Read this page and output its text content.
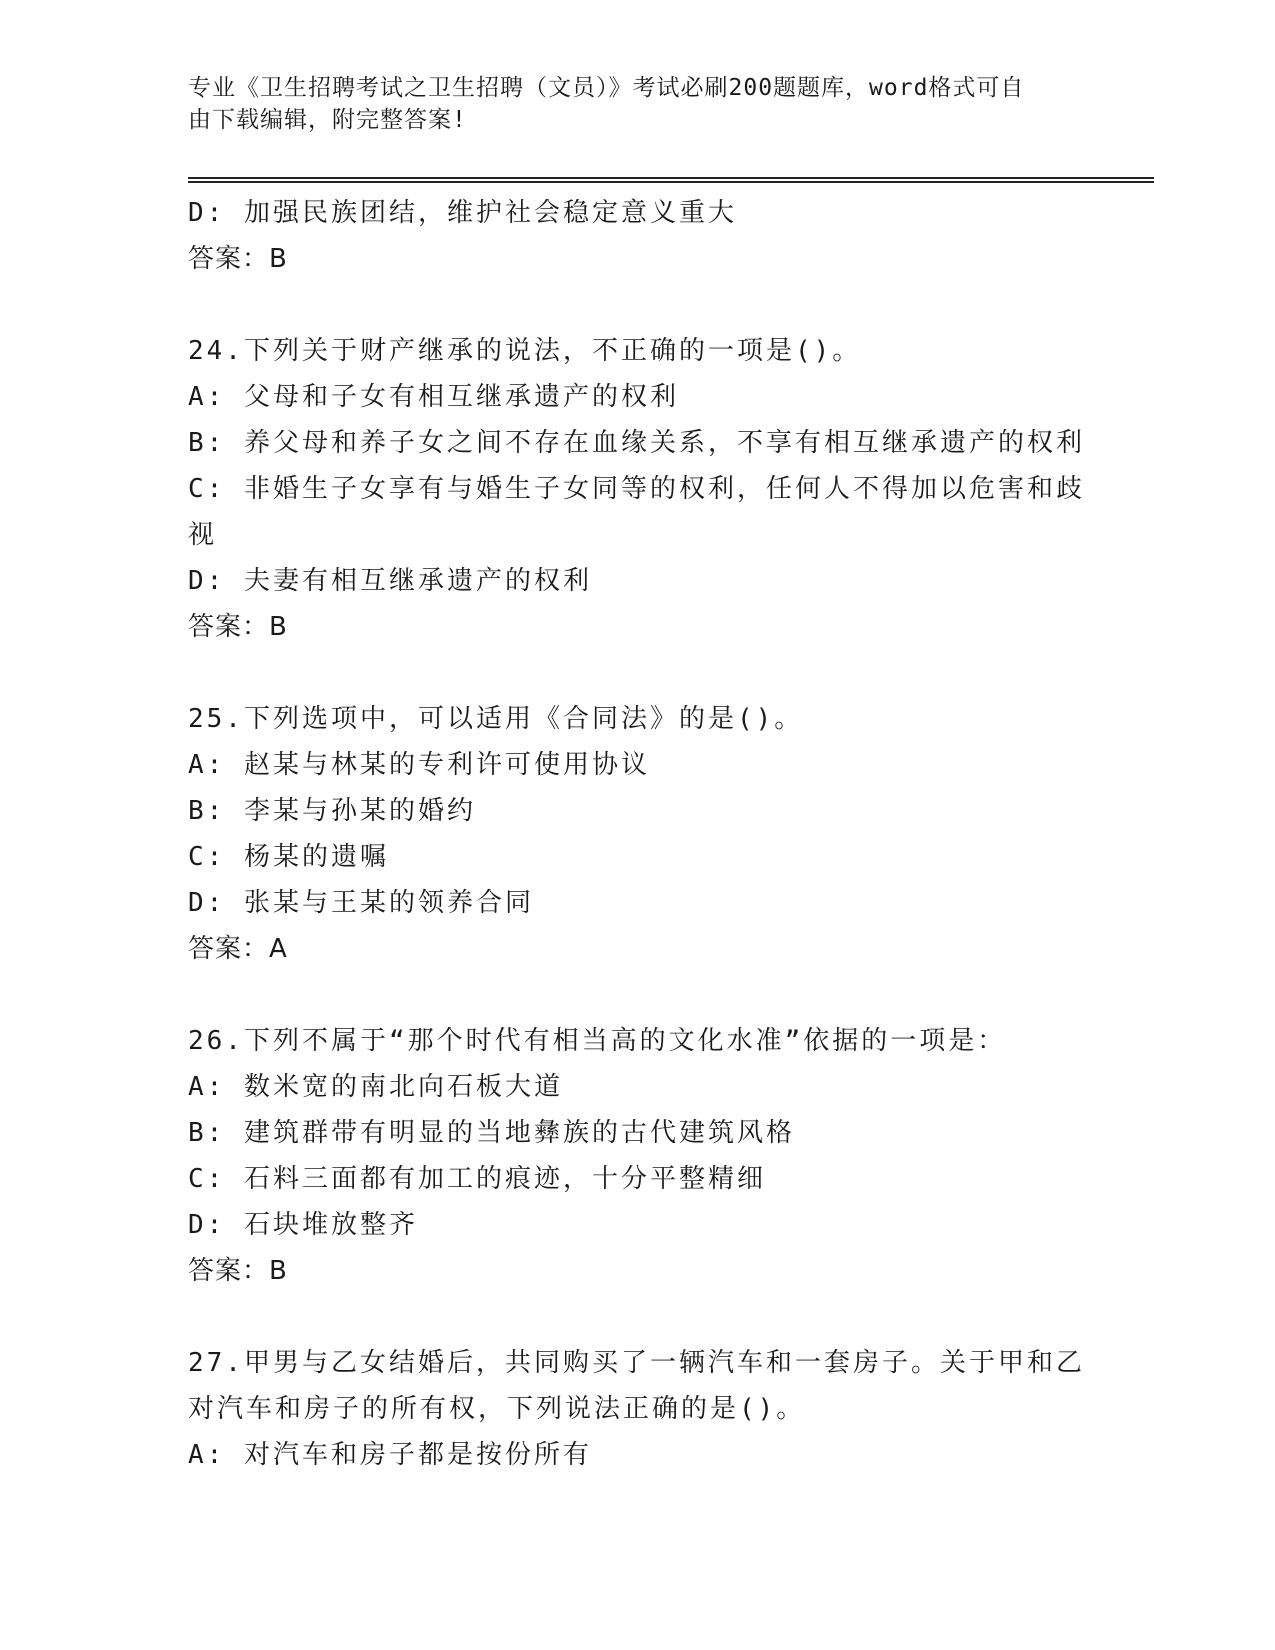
专业《卫生招聘考试之卫生招聘（文员）》考试必刷200题题库，word格式可自
由下载编辑，附完整答案!
D: 加强民族团结，维护社会稳定意义重大
答案：B
24.下列关于财产继承的说法，不正确的一项是()。
A: 父母和子女有相互继承遗产的权利
B: 养父母和养子女之间不存在血缘关系，不享有相互继承遗产的权利
C: 非婚生子女享有与婚生子女同等的权利，任何人不得加以危害和歧
视
D: 夫妻有相互继承遗产的权利
答案：B
25.下列选项中，可以适用《合同法》的是()。
A: 赵某与林某的专利许可使用协议
B: 李某与孙某的婚约
C: 杨某的遗嘱
D: 张某与王某的领养合同
答案：A
26.下列不属于“那个时代有相当高的文化水准”依据的一项是：
A: 数米宽的南北向石板大道
B: 建筑群带有明显的当地彝族的古代建筑风格
C: 石料三面都有加工的痕迹，十分平整精细
D: 石块堆放整齐
答案：B
27.甲男与乙女结婚后，共同购买了一辆汽车和一套房子。关于甲和乙
对汽车和房子的所有权，下列说法正确的是()。
A: 对汽车和房子都是按份所有
